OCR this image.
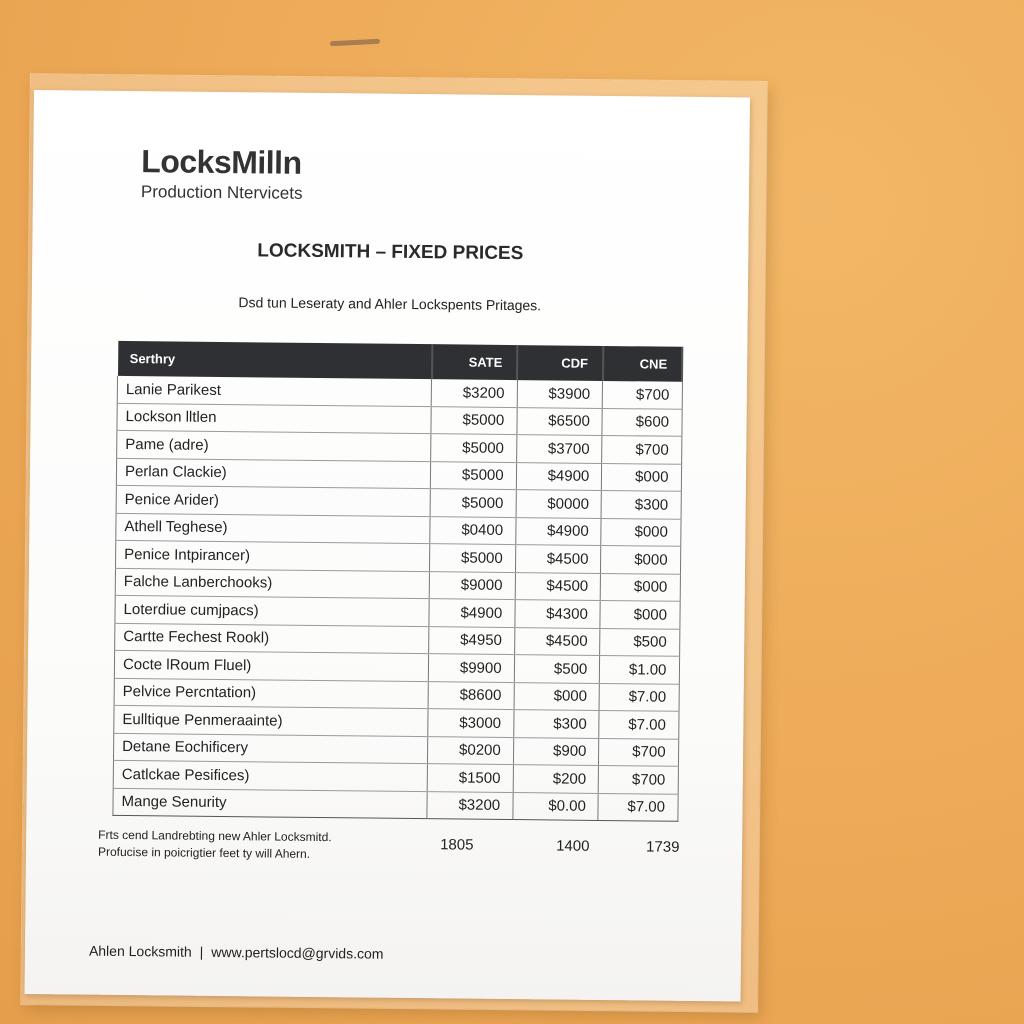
LocksMilln
Production Ntervicets
LOCKSMITH – FIXED PRICES
Dsd tun Leseraty and Ahler Lockspents Pritages.
Serthry	SATE	CDF	CNE
Lanie Parikest	$3200	$3900	$700
Lockson lltlen	$5000	$6500	$600
Pame (adre)	$5000	$3700	$700
Perlan Clackie)	$5000	$4900	$000
Penice Arider)	$5000	$0000	$300
Athell Teghese)	$0400	$4900	$000
Penice Intpirancer)	$5000	$4500	$000
Falche Lanberchooks)	$9000	$4500	$000
Loterdiue cumjpacs)	$4900	$4300	$000
Cartte Fechest Rookl)	$4950	$4500	$500
Cocte lRoum Fluel)	$9900	$500	$1.00
Pelvice Percntation)	$8600	$000	$7.00
Eulltique Penmeraainte)	$3000	$300	$7.00
Detane Eochificery	$0200	$900	$700
Catlckae Pesifices)	$1500	$200	$700
Mange Senurity	$3200	$0.00	$7.00
Frts cend Landrebting new Ahler Locksmitd.
Profucise in poicrigtier feet ty will Ahern.	1805	1400	1739
Ahlen Locksmith | www.pertslocd@grvids.com
